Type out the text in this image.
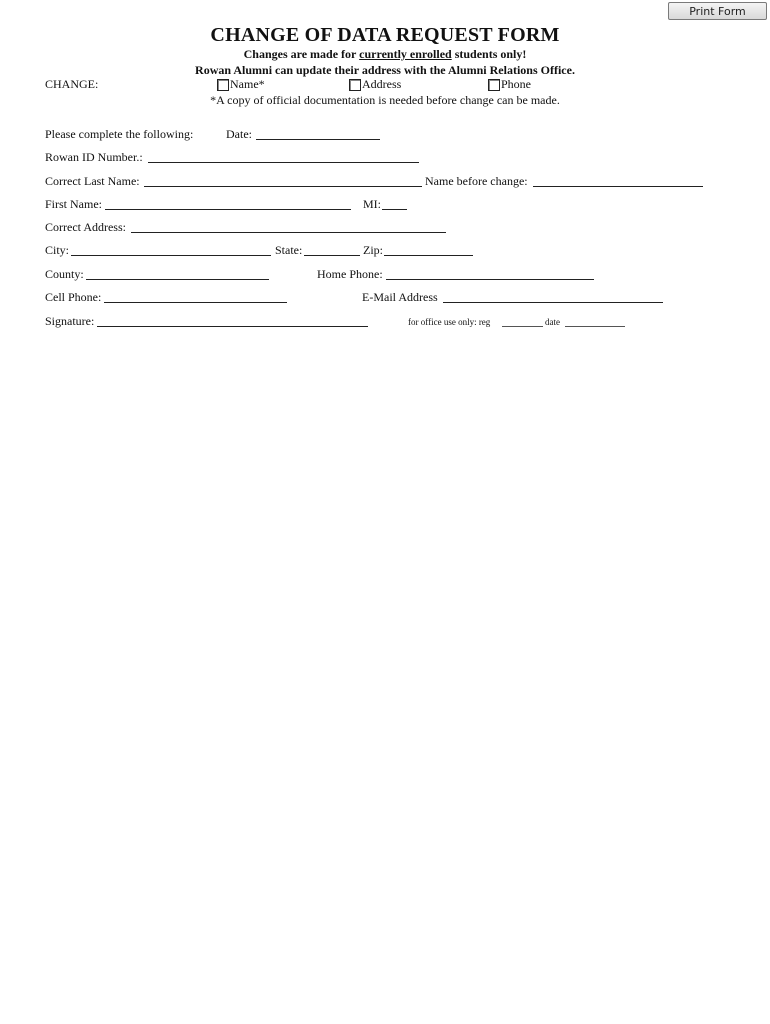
Print Form
CHANGE OF DATA REQUEST FORM
Changes are made for currently enrolled students only!
Rowan Alumni can update their address with the Alumni Relations Office.
CHANGE:	Name*	Address	Phone
*A copy of official documentation is needed before change can be made.
Please complete the following:	Date:
Rowan ID Number.:
Correct Last Name:	Name before change:
First Name:	MI:
Correct Address:
City:	State:	Zip:
County:	Home Phone:
Cell Phone:	E-Mail Address
Signature:	for office use only: reg	date
